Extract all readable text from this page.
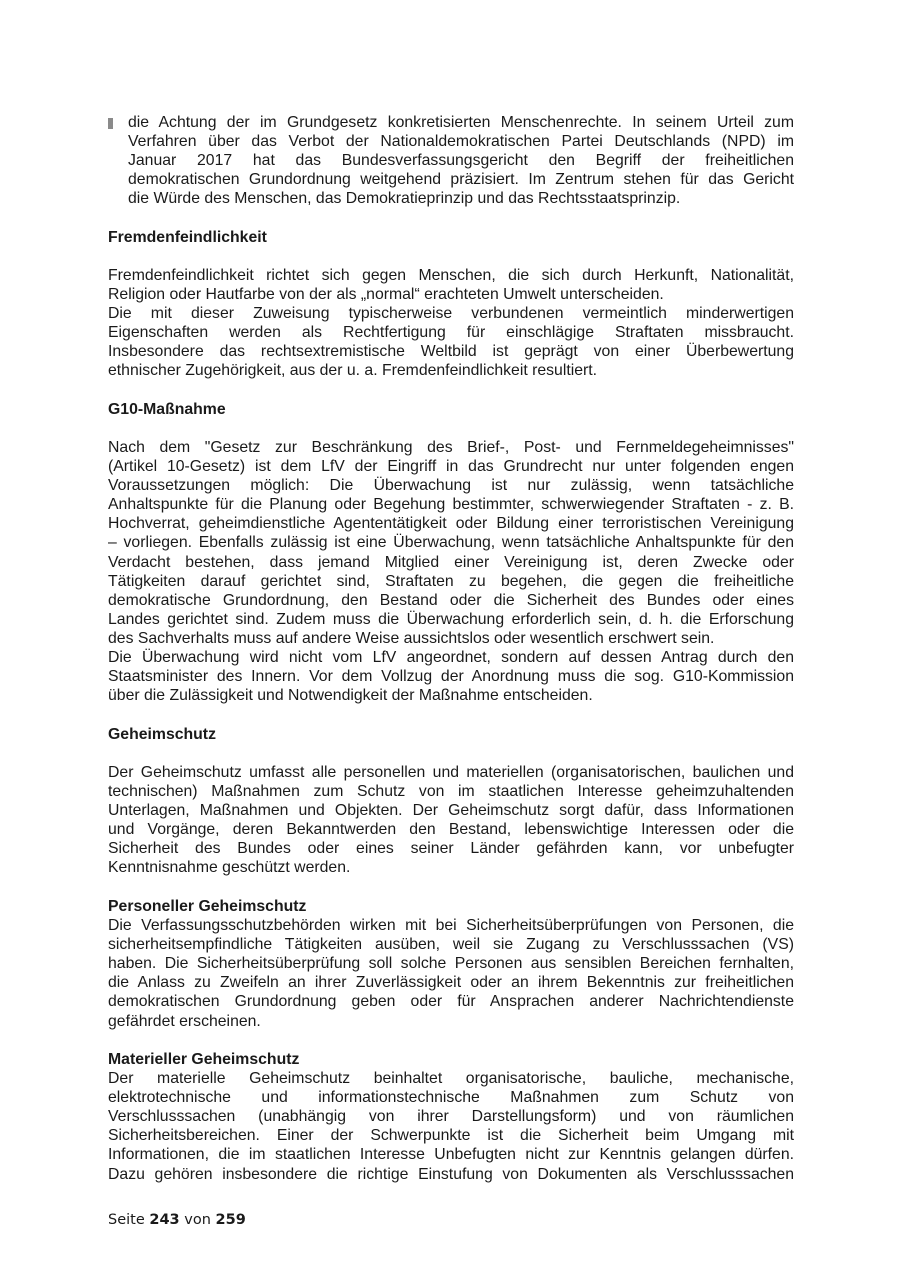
die Achtung der im Grundgesetz konkretisierten Menschenrechte. In seinem Urteil zum
Verfahren über das Verbot der Nationaldemokratischen Partei Deutschlands (NPD) im
Januar 2017 hat das Bundesverfassungsgericht den Begriff der freiheitlichen
demokratischen Grundordnung weitgehend präzisiert. Im Zentrum stehen für das Gericht
die Würde des Menschen, das Demokratieprinzip und das Rechtsstaatsprinzip.
Fremdenfeindlichkeit
Fremdenfeindlichkeit richtet sich gegen Menschen, die sich durch Herkunft, Nationalität,
Religion oder Hautfarbe von der als „normal“ erachteten Umwelt unterscheiden.
Die mit dieser Zuweisung typischerweise verbundenen vermeintlich minderwertigen
Eigenschaften werden als Rechtfertigung für einschlägige Straftaten missbraucht.
Insbesondere das rechtsextremistische Weltbild ist geprägt von einer Überbewertung
ethnischer Zugehörigkeit, aus der u. a. Fremdenfeindlichkeit resultiert.
G10-Maßnahme
Nach dem "Gesetz zur Beschränkung des Brief-, Post- und Fernmeldegeheimnisses"
(Artikel 10-Gesetz) ist dem LfV der Eingriff in das Grundrecht nur unter folgenden engen
Voraussetzungen möglich: Die Überwachung ist nur zulässig, wenn tatsächliche
Anhaltspunkte für die Planung oder Begehung bestimmter, schwerwiegender Straftaten - z. B.
Hochverrat, geheimdienstliche Agententätigkeit oder Bildung einer terroristischen Vereinigung
– vorliegen. Ebenfalls zulässig ist eine Überwachung, wenn tatsächliche Anhaltspunkte für den
Verdacht bestehen, dass jemand Mitglied einer Vereinigung ist, deren Zwecke oder
Tätigkeiten darauf gerichtet sind, Straftaten zu begehen, die gegen die freiheitliche
demokratische Grundordnung, den Bestand oder die Sicherheit des Bundes oder eines
Landes gerichtet sind. Zudem muss die Überwachung erforderlich sein, d. h. die Erforschung
des Sachverhalts muss auf andere Weise aussichtslos oder wesentlich erschwert sein.
Die Überwachung wird nicht vom LfV angeordnet, sondern auf dessen Antrag durch den
Staatsminister des Innern. Vor dem Vollzug der Anordnung muss die sog. G10-Kommission
über die Zulässigkeit und Notwendigkeit der Maßnahme entscheiden.
Geheimschutz
Der Geheimschutz umfasst alle personellen und materiellen (organisatorischen, baulichen und
technischen) Maßnahmen zum Schutz von im staatlichen Interesse geheimzuhaltenden
Unterlagen, Maßnahmen und Objekten. Der Geheimschutz sorgt dafür, dass Informationen
und Vorgänge, deren Bekanntwerden den Bestand, lebenswichtige Interessen oder die
Sicherheit des Bundes oder eines seiner Länder gefährden kann, vor unbefugter
Kenntnisnahme geschützt werden.
Personeller Geheimschutz
Die Verfassungsschutzbehörden wirken mit bei Sicherheitsüberprüfungen von Personen, die
sicherheitsempfindliche Tätigkeiten ausüben, weil sie Zugang zu Verschlusssachen (VS)
haben. Die Sicherheitsüberprüfung soll solche Personen aus sensiblen Bereichen fernhalten,
die Anlass zu Zweifeln an ihrer Zuverlässigkeit oder an ihrem Bekenntnis zur freiheitlichen
demokratischen Grundordnung geben oder für Ansprachen anderer Nachrichtendienste
gefährdet erscheinen.
Materieller Geheimschutz
Der materielle Geheimschutz beinhaltet organisatorische, bauliche, mechanische,
elektrotechnische und informationstechnische Maßnahmen zum Schutz von
Verschlusssachen (unabhängig von ihrer Darstellungsform) und von räumlichen
Sicherheitsbereichen. Einer der Schwerpunkte ist die Sicherheit beim Umgang mit
Informationen, die im staatlichen Interesse Unbefugten nicht zur Kenntnis gelangen dürfen.
Dazu gehören insbesondere die richtige Einstufung von Dokumenten als Verschlusssachen
Seite 243 von 259
